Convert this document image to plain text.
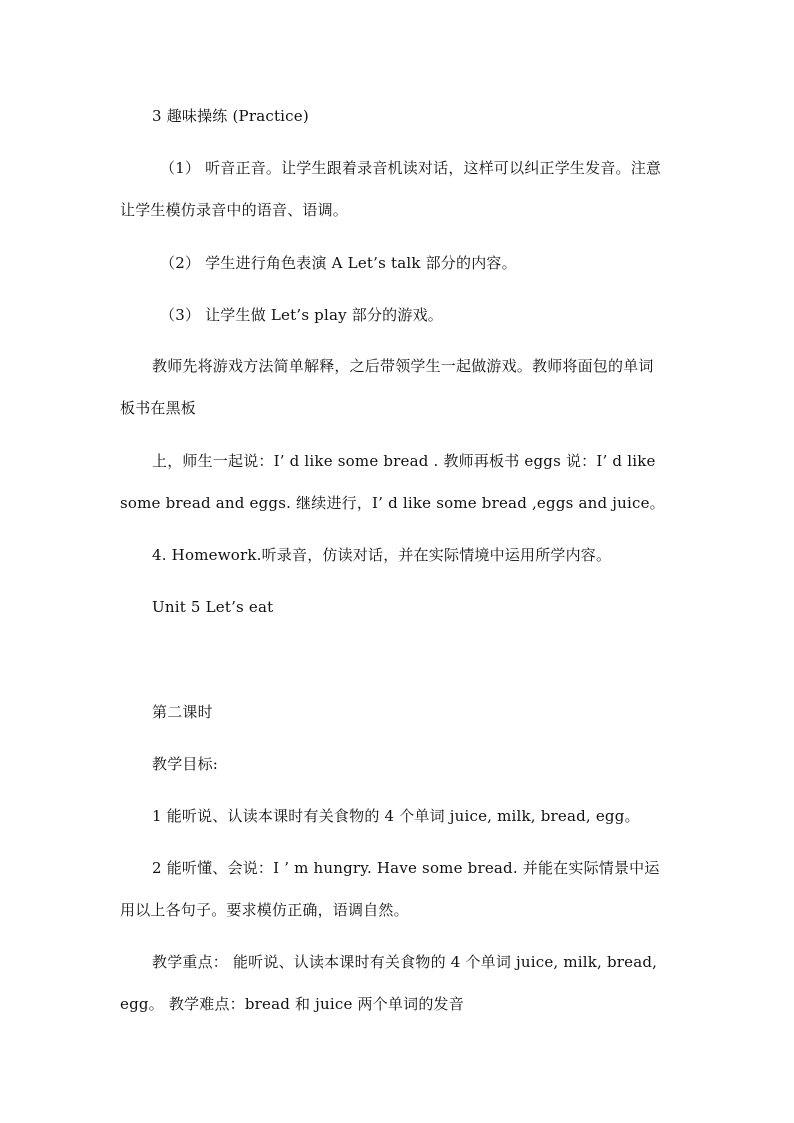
3 趣味操练 (Practice)
（1） 听音正音。让学生跟着录音机读对话，这样可以纠正学生发音。注意
让学生模仿录音中的语音、语调。
（2） 学生进行角色表演 A Let’s talk 部分的内容。
（3） 让学生做 Let’s play 部分的游戏。
教师先将游戏方法简单解释，之后带领学生一起做游戏。教师将面包的单词
板书在黑板
上，师生一起说：I’ d like some bread . 教师再板书 eggs 说：I’ d like
some bread and eggs. 继续进行，I’ d like some bread ,eggs and juice。
4. Homework.听录音，仿读对话，并在实际情境中运用所学内容。
Unit 5 Let’s eat
第二课时
教学目标:
1 能听说、认读本课时有关食物的 4 个单词 juice, milk, bread, egg。
2 能听懂、会说：I ’ m hungry. Have some bread. 并能在实际情景中运
用以上各句子。要求模仿正确，语调自然。
教学重点： 能听说、认读本课时有关食物的 4 个单词 juice, milk, bread,
egg。 教学难点：bread 和 juice 两个单词的发音
